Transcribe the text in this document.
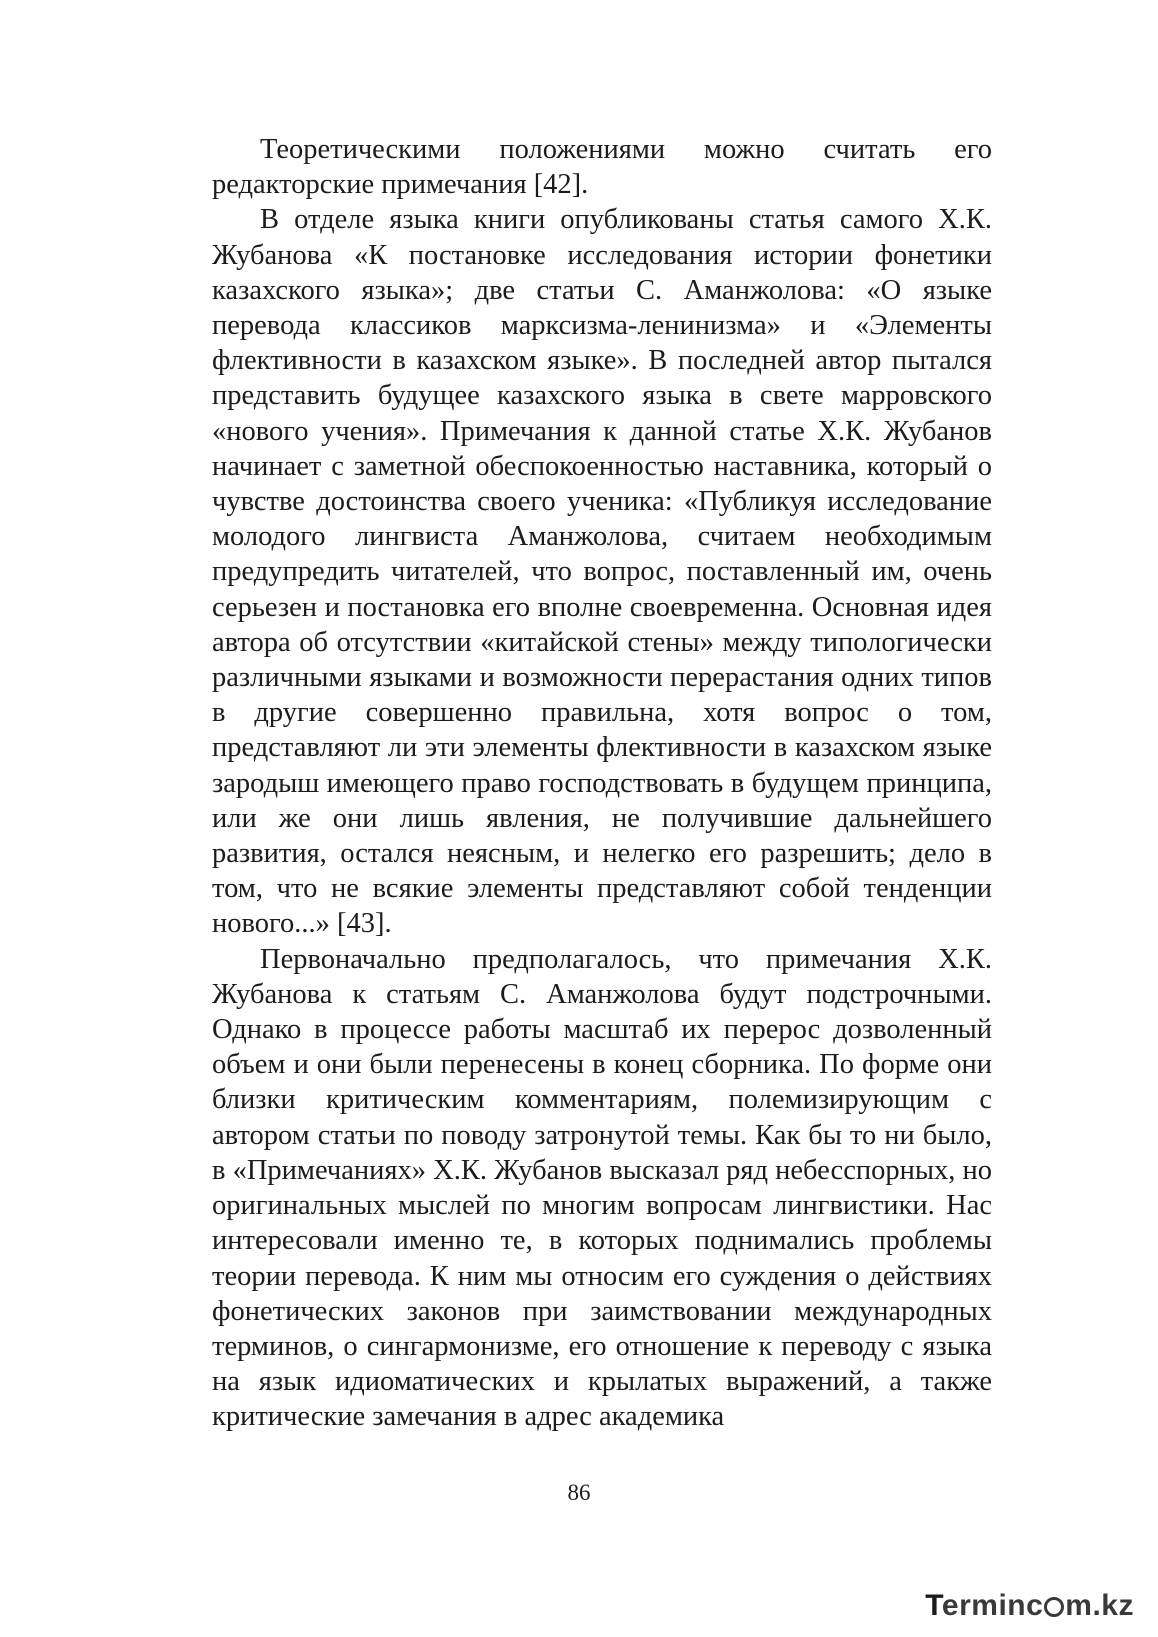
Теоретическими положениями можно считать его редакторские примечания [42].

В отделе языка книги опубликованы статья самого Х.К. Жубанова «К постановке исследования истории фонетики казахского языка»; две статьи С. Аманжолова: «О языке перевода классиков марксизма-ленинизма» и «Элементы флективности в казахском языке». В последней автор пытался представить будущее казахского языка в свете марровского «нового учения». Примечания к данной статье Х.К. Жубанов начинает с заметной обеспокоенностью наставника, который о чувстве достоинства своего ученика: «Публикуя исследование молодого лингвиста Аманжолова, считаем необходимым предупредить читателей, что вопрос, поставленный им, очень серьезен и постановка его вполне своевременна. Основная идея автора об отсутствии «китайской стены» между типологически различными языками и возможности перерастания одних типов в другие совершенно правильна, хотя вопрос о том, представляют ли эти элементы флективности в казахском языке зародыш имеющего право господствовать в будущем принципа, или же они лишь явления, не получившие дальнейшего развития, остался неясным, и нелегко его разрешить; дело в том, что не всякие элементы представляют собой тенденции нового...» [43].

Первоначально предполагалось, что примечания Х.К. Жубанова к статьям С. Аманжолова будут подстрочными. Однако в процессе работы масштаб их перерос дозволенный объем и они были перенесены в конец сборника. По форме они близки критическим комментариям, полемизирующим с автором статьи по поводу затронутой темы. Как бы то ни было, в «Примечаниях» Х.К. Жубанов высказал ряд небесспорных, но оригинальных мыслей по многим вопросам лингвистики. Нас интересовали именно те, в которых поднимались проблемы теории перевода. К ним мы относим его суждения о действиях фонетических законов при заимствовании международных терминов, о сингармонизме, его отношение к переводу с языка на язык идиоматических и крылатых выражений, а также критические замечания в адрес академика

86
Terminc m.kz
